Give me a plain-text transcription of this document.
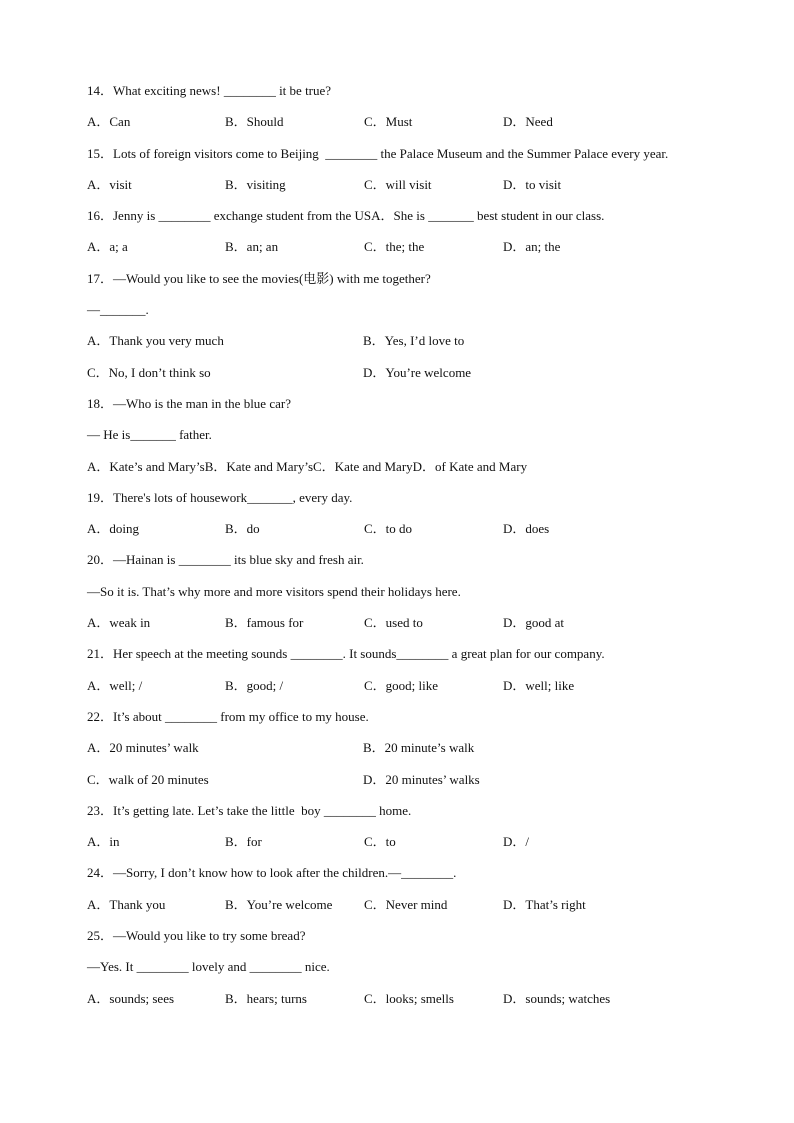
14．What exciting news! ________ it be true?
A．Can	B．Should	C．Must	D．Need
15．Lots of foreign visitors come to Beijing  ________ the Palace Museum and the Summer Palace every year.
A．visit	B．visiting	C．will visit	D．to visit
16．Jenny is ________ exchange student from the USA．She is _______ best student in our class.
A．a; a	B．an; an	C．the; the	D．an; the
17．—Would you like to see the movies(电影) with me together?
—_______.
A．Thank you very much	B．Yes, I’d love to
C．No, I don’t think so	D．You’re welcome
18．—Who is the man in the blue car?
— He is_______ father.
A．Kate’s and Mary’sB．Kate and Mary’sC．Kate and MaryD．of Kate and Mary
19．There's lots of housework_______, every day.
A．doing	B．do	C．to do	D．does
20．—Hainan is ________ its blue sky and fresh air.
—So it is. That’s why more and more visitors spend their holidays here.
A．weak in	B．famous for	C．used to	D．good at
21．Her speech at the meeting sounds ________. It sounds________ a great plan for our company.
A．well; /	B．good; /	C．good; like	D．well; like
22．It’s about ________ from my office to my house.
A．20 minutes’ walk	B．20 minute’s walk
C．walk of 20 minutes	D．20 minutes’ walks
23．It’s getting late. Let’s take the little  boy ________ home.
A．in	B．for	C．to	D．/
24．—Sorry, I don’t know how to look after the children.—________.
A．Thank you	B．You’re welcome	C．Never mind	D．That’s right
25．—Would you like to try some bread?
—Yes. It ________ lovely and ________ nice.
A．sounds; sees	B．hears; turns	C．looks; smells	D．sounds; watches
